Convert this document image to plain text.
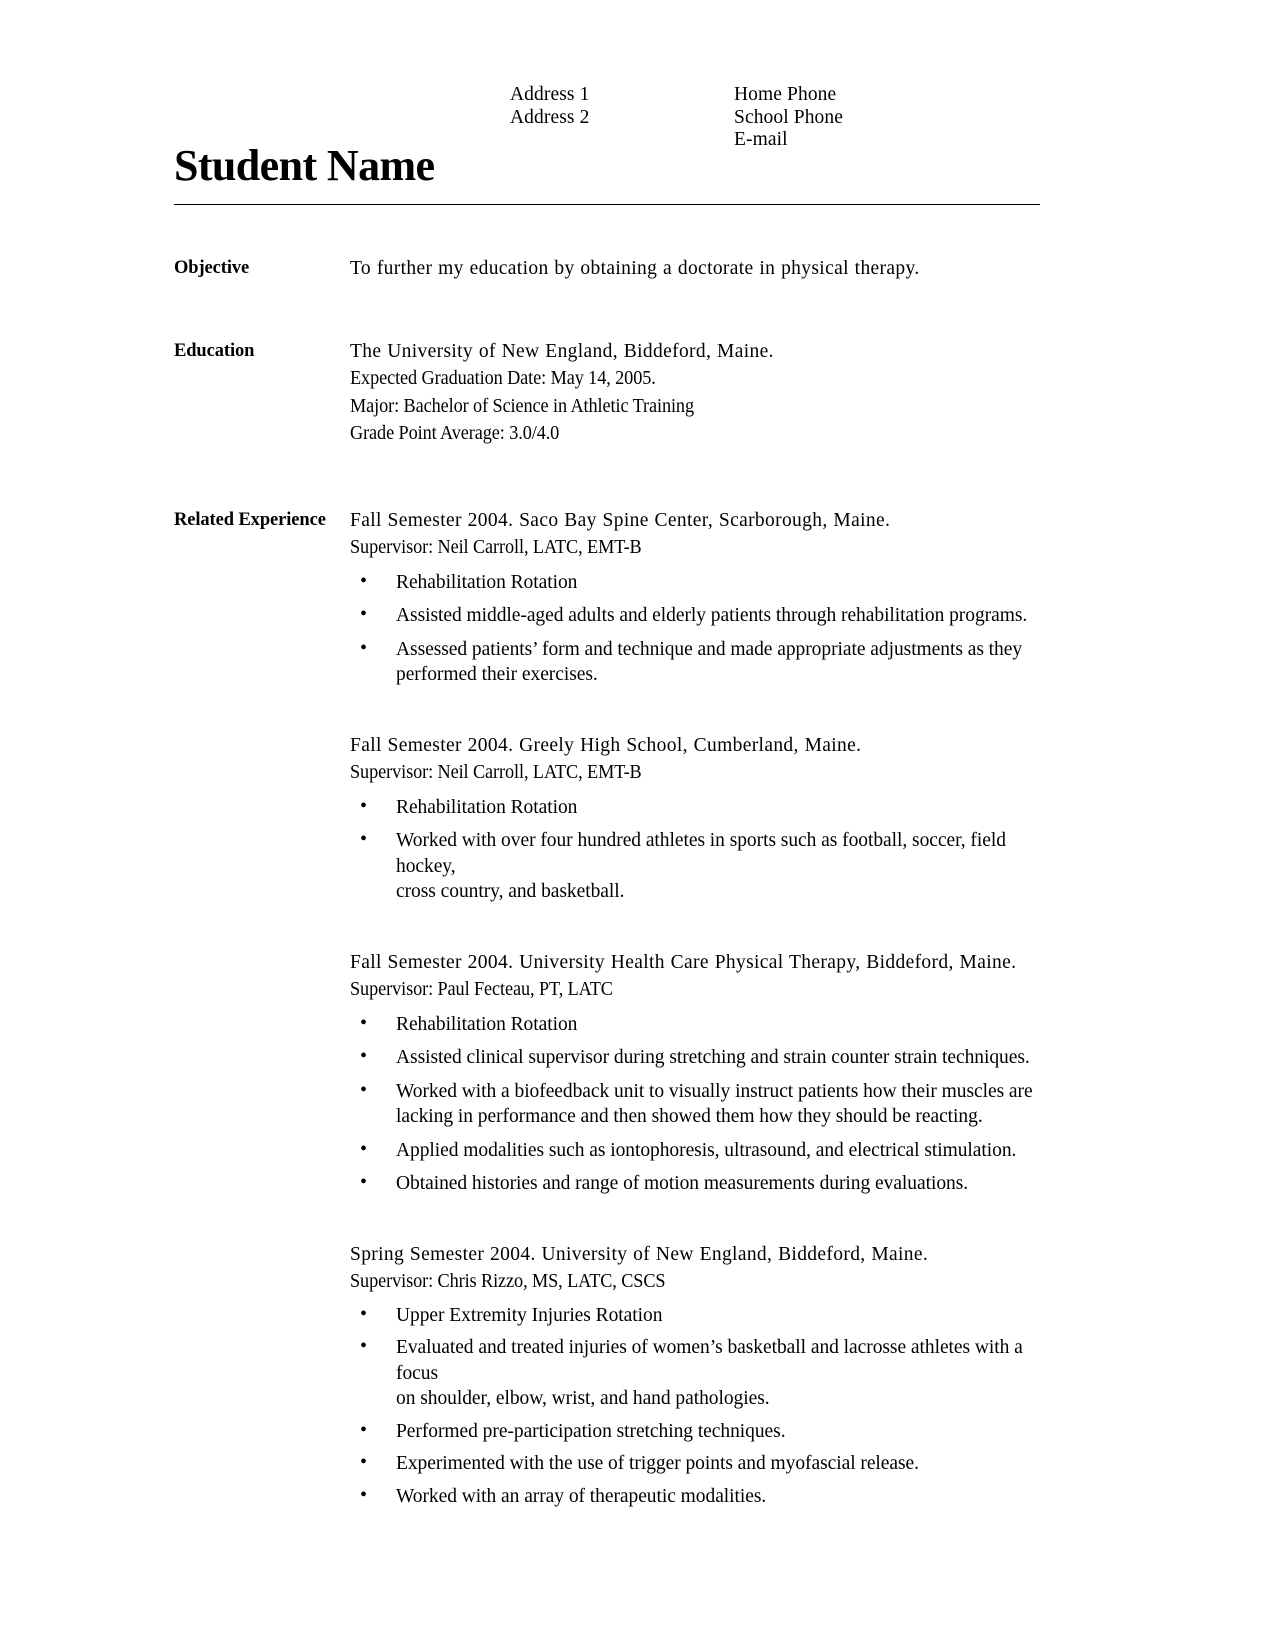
Address 1
Address 2
Home Phone
School Phone
E-mail
Student Name
Objective	To further my education by obtaining a doctorate in physical therapy.
Education	The University of New England, Biddeford, Maine.
Expected Graduation Date: May 14, 2005.
Major: Bachelor of Science in Athletic Training
Grade Point Average: 3.0/4.0
Related Experience	Fall Semester 2004. Saco Bay Spine Center, Scarborough, Maine.
Supervisor: Neil Carroll, LATC, EMT-B
• Rehabilitation Rotation
• Assisted middle-aged adults and elderly patients through rehabilitation programs.
• Assessed patients’ form and technique and made appropriate adjustments as they
performed their exercises.
Fall Semester 2004. Greely High School, Cumberland, Maine.
Supervisor: Neil Carroll, LATC, EMT-B
• Rehabilitation Rotation
• Worked with over four hundred athletes in sports such as football, soccer, field hockey,
cross country, and basketball.
Fall Semester 2004. University Health Care Physical Therapy, Biddeford, Maine.
Supervisor: Paul Fecteau, PT, LATC
• Rehabilitation Rotation
• Assisted clinical supervisor during stretching and strain counter strain techniques.
• Worked with a biofeedback unit to visually instruct patients how their muscles are
lacking in performance and then showed them how they should be reacting.
• Applied modalities such as iontophoresis, ultrasound, and electrical stimulation.
• Obtained histories and range of motion measurements during evaluations.
Spring Semester 2004. University of New England, Biddeford, Maine.
Supervisor: Chris Rizzo, MS, LATC, CSCS
• Upper Extremity Injuries Rotation
• Evaluated and treated injuries of women’s basketball and lacrosse athletes with a focus
on shoulder, elbow, wrist, and hand pathologies.
• Performed pre-participation stretching techniques.
• Experimented with the use of trigger points and myofascial release.
• Worked with an array of therapeutic modalities.
